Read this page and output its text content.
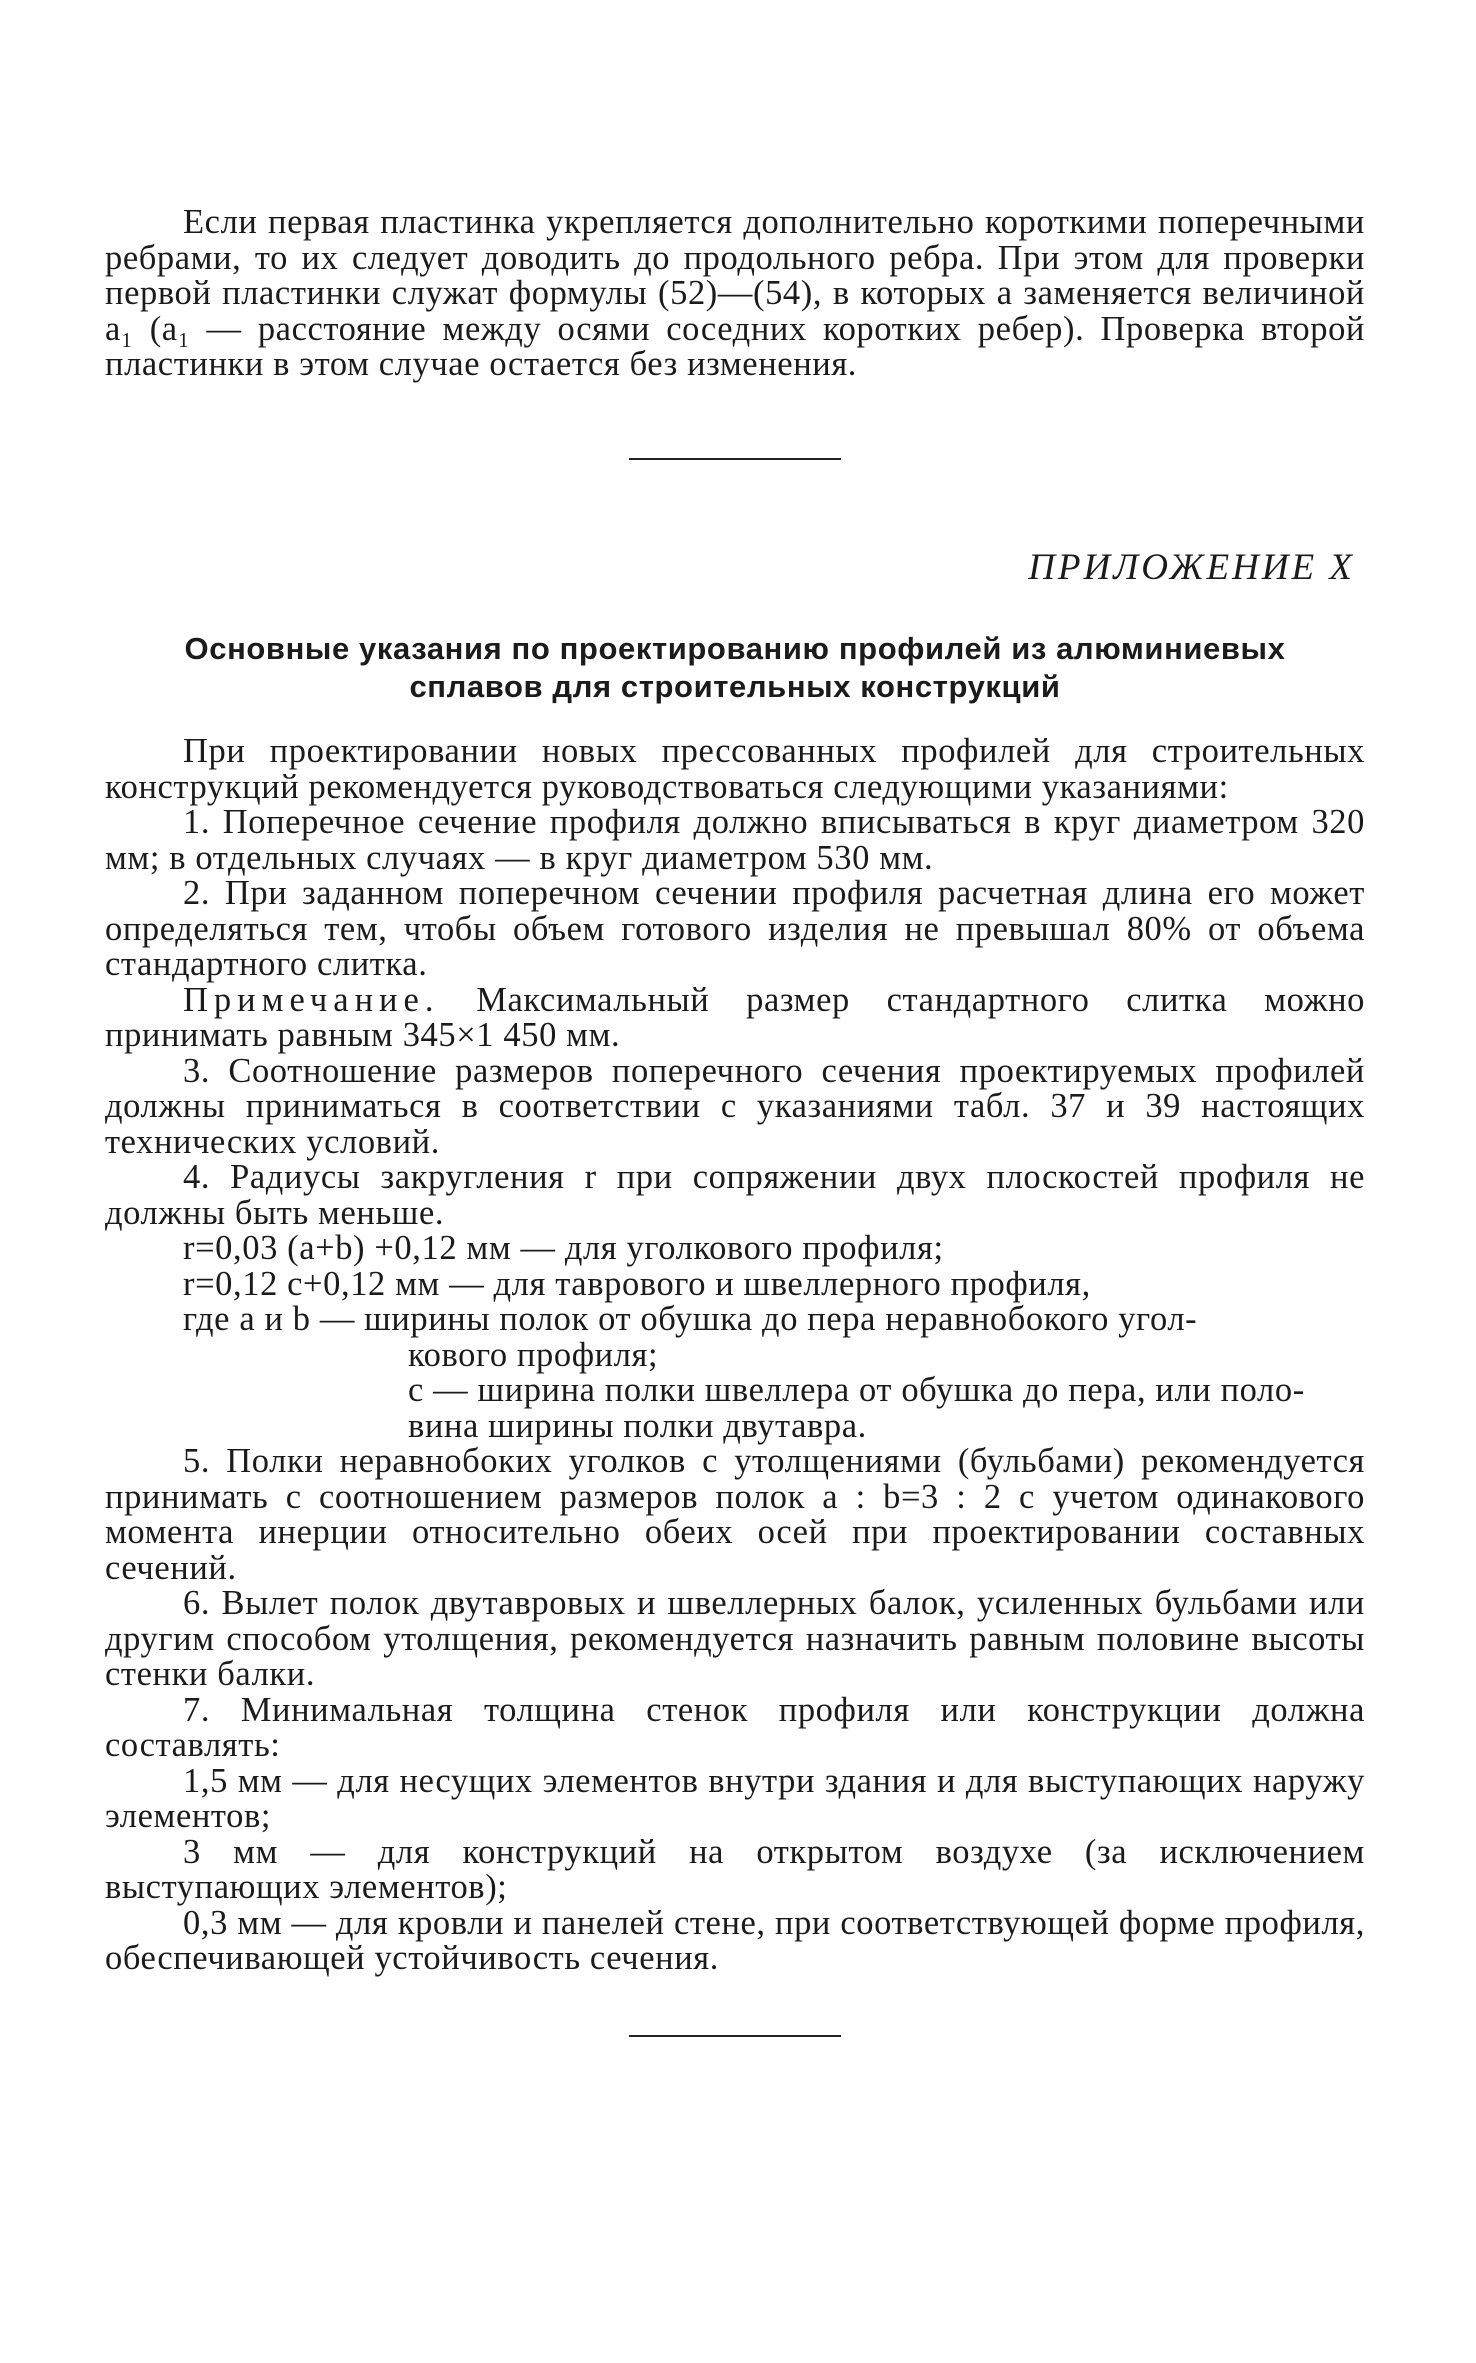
Если первая пластинка укрепляется дополнительно короткими поперечными ребрами, то их следует доводить до продольного ребра. При этом для проверки первой пластинки служат формулы (52)—(54), в которых a заменяется величиной a₁ (a₁ — расстояние между осями соседних коротких ребер). Проверка второй пластинки в этом случае остается без изменения.

ПРИЛОЖЕНИЕ X
Основные указания по проектированию профилей из алюминиевых
сплавов для строительных конструкций

При проектировании новых прессованных профилей для строительных конструкций рекомендуется руководствоваться следующими указаниями:

1. Поперечное сечение профиля должно вписываться в круг диаметром 320 мм; в отдельных случаях — в круг диаметром 530 мм.

2. При заданном поперечном сечении профиля расчетная длина его может определяться тем, чтобы объем готового изделия не превышал 80% от объема стандартного слитка.

Примечание. Максимальный размер стандартного слитка можно принимать равным 345×1 450 мм.

3. Соотношение размеров поперечного сечения проектируемых профилей должны приниматься в соответствии с указаниями табл. 37 и 39 настоящих технических условий.

4. Радиусы закругления r при сопряжении двух плоскостей профиля не должны быть меньше.

r=0,03 (a+b) +0,12 мм — для уголкового профиля;

r=0,12 c+0,12 мм — для таврового и швеллерного профиля,

где a и b — ширины полок от обушка до пера неравнобокого угол-

кового профиля;

c — ширина полки швеллера от обушка до пера, или поло-

вина ширины полки двутавра.

5. Полки неравнобоких уголков с утолщениями (бульбами) рекомендуется принимать с соотношением размеров полок a : b=3 : 2 с учетом одинакового момента инерции относительно обеих осей при проектировании составных сечений.

6. Вылет полок двутавровых и швеллерных балок, усиленных бульбами или другим способом утолщения, рекомендуется назначить равным половине высоты стенки балки.

7. Минимальная толщина стенок профиля или конструкции должна составлять:

1,5 мм — для несущих элементов внутри здания и для выступающих наружу элементов;

3 мм — для конструкций на открытом воздухе (за исключением выступающих элементов);

0,3 мм — для кровли и панелей стене, при соответствующей форме профиля, обеспечивающей устойчивость сечения.
